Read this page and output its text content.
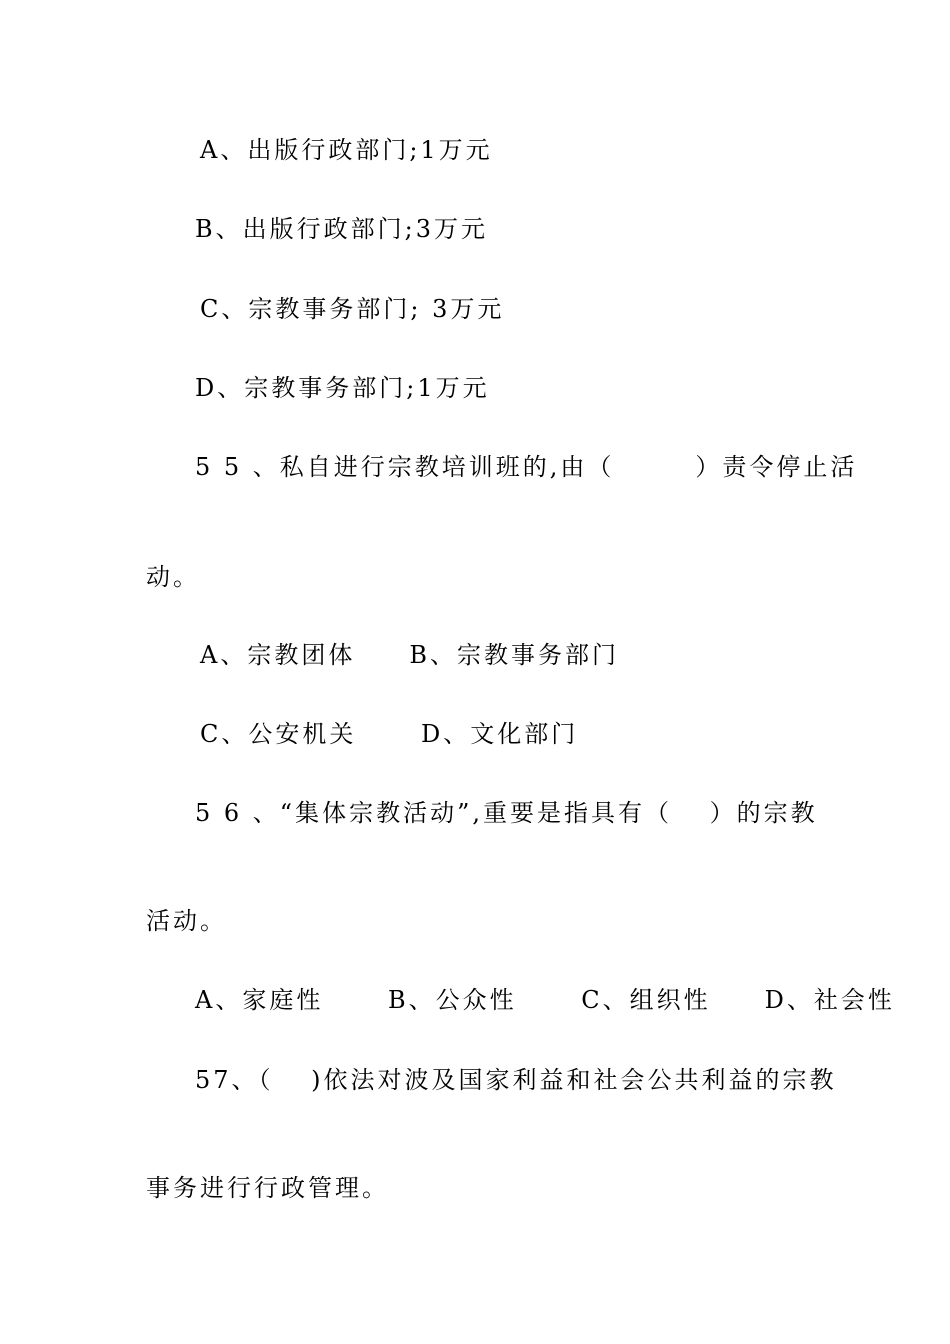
A、出版行政部门;1万元
B、出版行政部门;3万元
C、宗教事务部门; 3万元
D、宗教事务部门;1万元
5 5 、私自进行宗教培训班的,由（　　　）责令停止活
动。
A、宗教团体　　B、宗教事务部门
C、公安机关　　 D、文化部门
5 6 、“集体宗教活动”,重要是指具有（　 ）的宗教
活动。
A、家庭性　　 B、公众性　　 C、组织性　　D、社会性
57、（　 )依法对波及国家利益和社会公共利益的宗教
事务进行行政管理。
